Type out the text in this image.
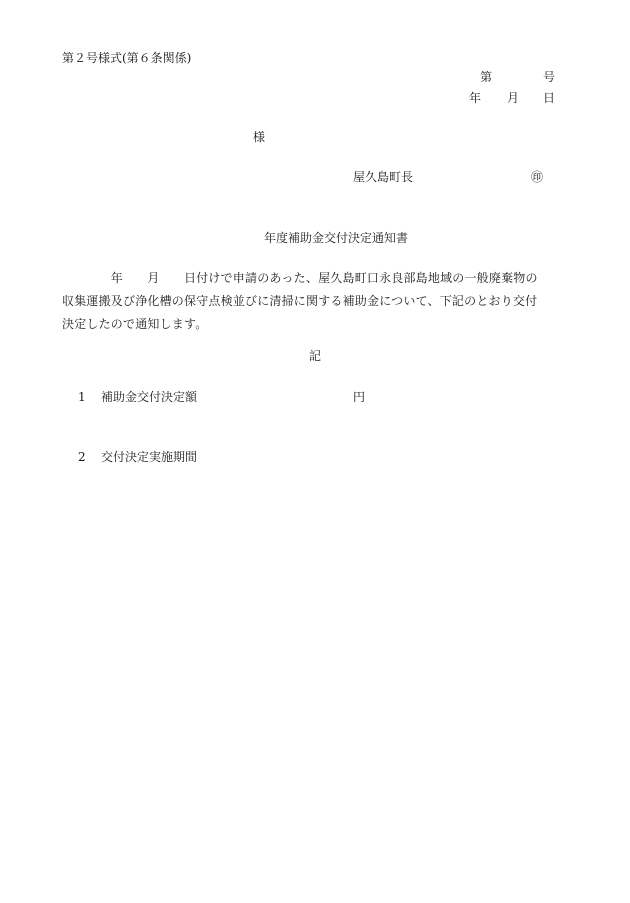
第２号様式(第６条関係)
第	号
年 月 日
様
屋久島町長	㊞
年度補助金交付決定通知書
　　　　年　　月　　日付けで申請のあった、屋久島町口永良部島地域の一般廃棄物の
収集運搬及び浄化槽の保守点検並びに清掃に関する補助金について、下記のとおり交付
決定したので通知します。
記
1 補助金交付決定額	円
2 交付決定実施期間
